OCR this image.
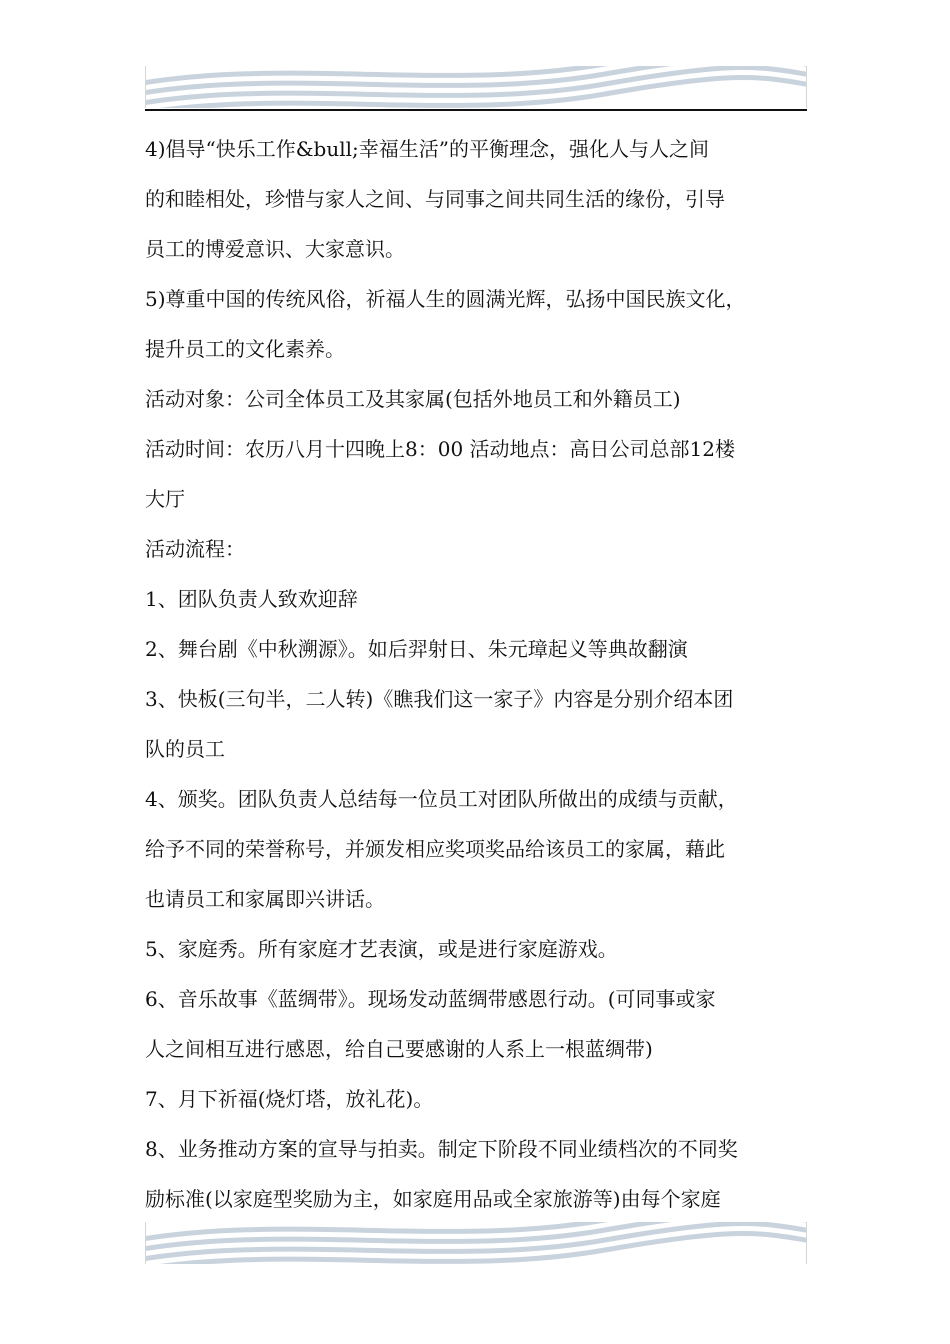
4)倡导“快乐工作&bull;幸福生活”的平衡理念，强化人与人之间
的和睦相处，珍惜与家人之间、与同事之间共同生活的缘份，引导
员工的博爱意识、大家意识。
5)尊重中国的传统风俗，祈福人生的圆满光辉，弘扬中国民族文化，
提升员工的文化素养。
活动对象：公司全体员工及其家属(包括外地员工和外籍员工)
活动时间：农历八月十四晚上8：00 活动地点：高日公司总部12楼
大厅
活动流程：
1、团队负责人致欢迎辞
2、舞台剧《中秋溯源》。如后羿射日、朱元璋起义等典故翻演
3、快板(三句半，二人转)《瞧我们这一家子》内容是分别介绍本团
队的员工
4、颁奖。团队负责人总结每一位员工对团队所做出的成绩与贡献，
给予不同的荣誉称号，并颁发相应奖项奖品给该员工的家属，藉此
也请员工和家属即兴讲话。
5、家庭秀。所有家庭才艺表演，或是进行家庭游戏。
6、音乐故事《蓝绸带》。现场发动蓝绸带感恩行动。(可同事或家
人之间相互进行感恩，给自己要感谢的人系上一根蓝绸带)
7、月下祈福(烧灯塔，放礼花)。
8、业务推动方案的宣导与拍卖。制定下阶段不同业绩档次的不同奖
励标准(以家庭型奖励为主，如家庭用品或全家旅游等)由每个家庭
